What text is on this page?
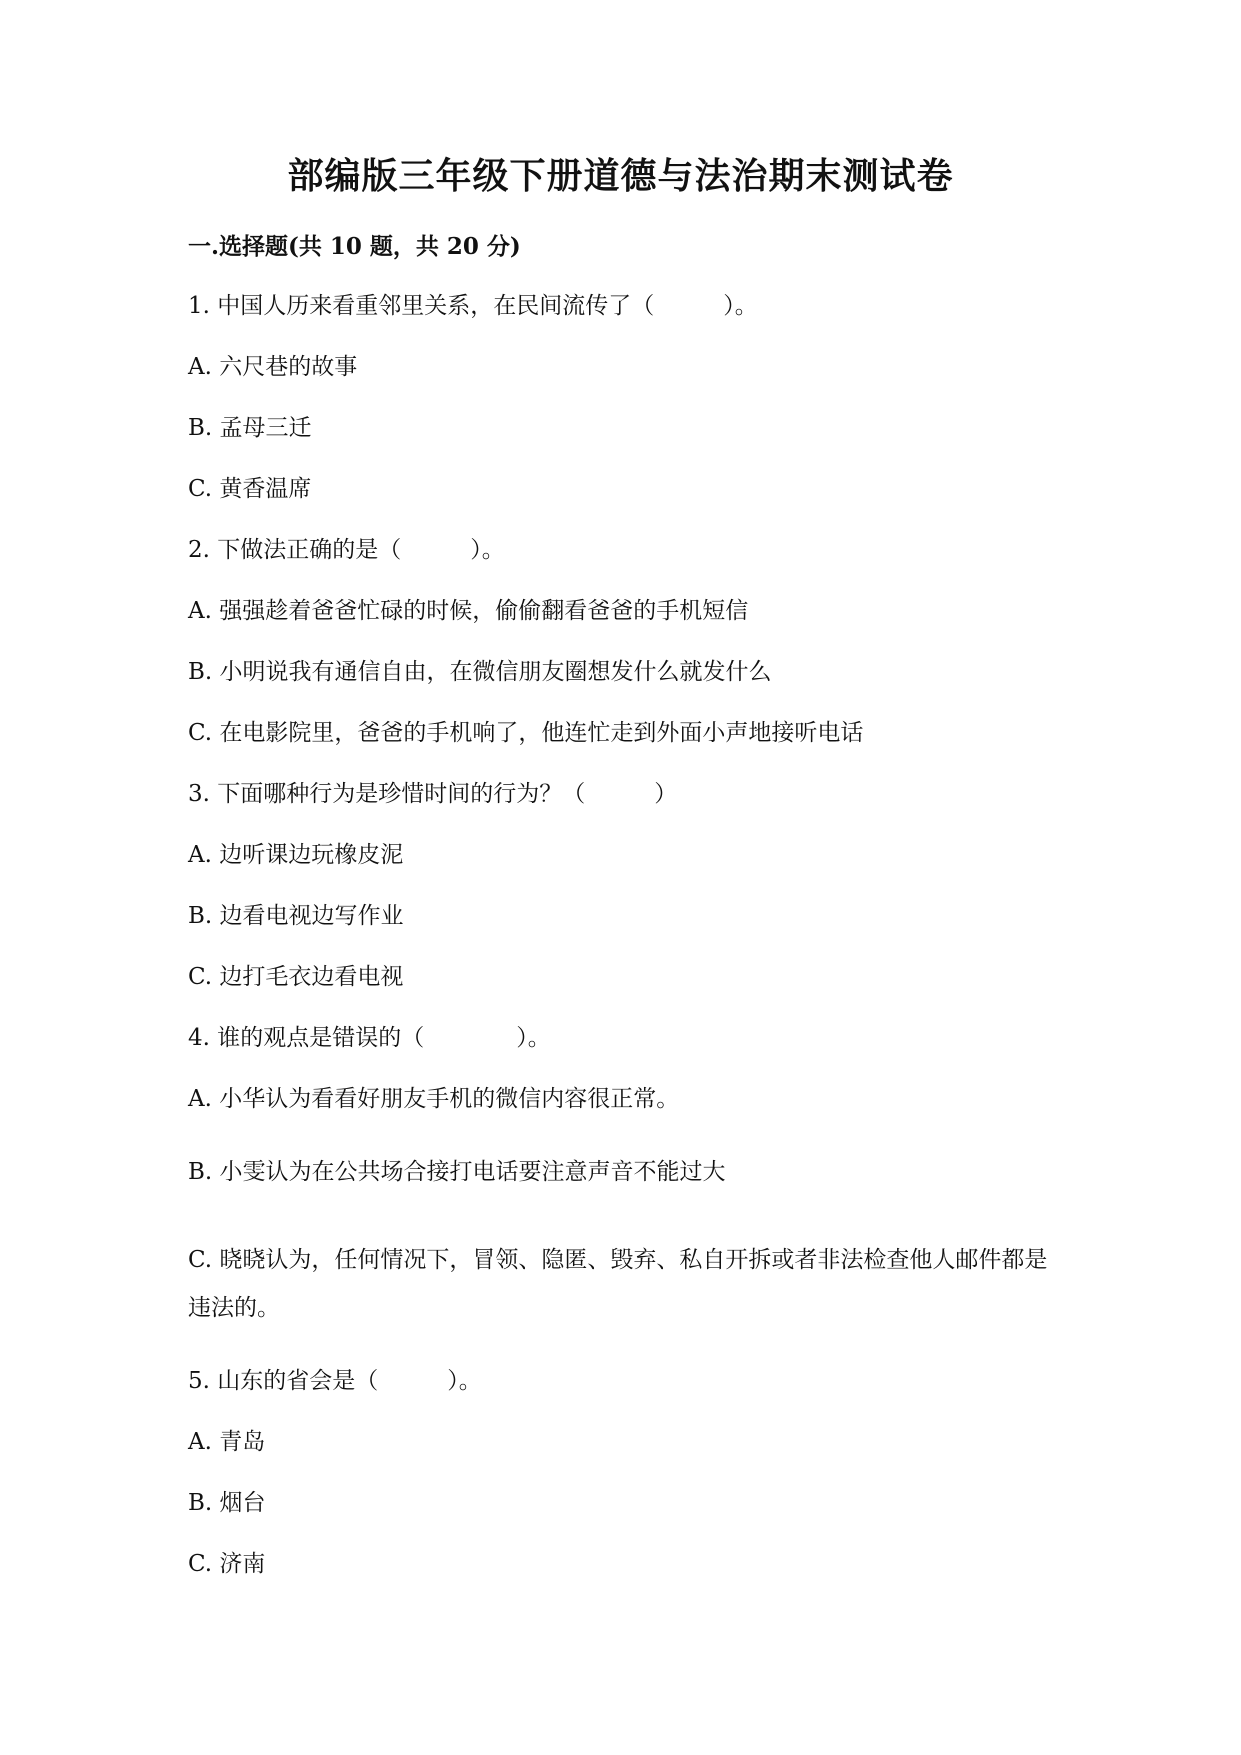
部编版三年级下册道德与法治期末测试卷
一.选择题(共 10 题，共 20 分)

1. 中国人历来看重邻里关系，在民间流传了（　　　）。

A. 六尺巷的故事

B. 孟母三迁

C. 黄香温席

2. 下做法正确的是（　　　）。

A. 强强趁着爸爸忙碌的时候，偷偷翻看爸爸的手机短信

B. 小明说我有通信自由，在微信朋友圈想发什么就发什么

C. 在电影院里，爸爸的手机响了，他连忙走到外面小声地接听电话

3. 下面哪种行为是珍惜时间的行为？（　　　）

A. 边听课边玩橡皮泥

B. 边看电视边写作业

C. 边打毛衣边看电视

4. 谁的观点是错误的（　　　　）。

A. 小华认为看看好朋友手机的微信内容很正常。

B. 小雯认为在公共场合接打电话要注意声音不能过大

C. 晓晓认为，任何情况下，冒领、隐匿、毁弃、私自开拆或者非法检查他人邮件都是违法的。

5. 山东的省会是（　　　）。

A. 青岛

B. 烟台

C. 济南
